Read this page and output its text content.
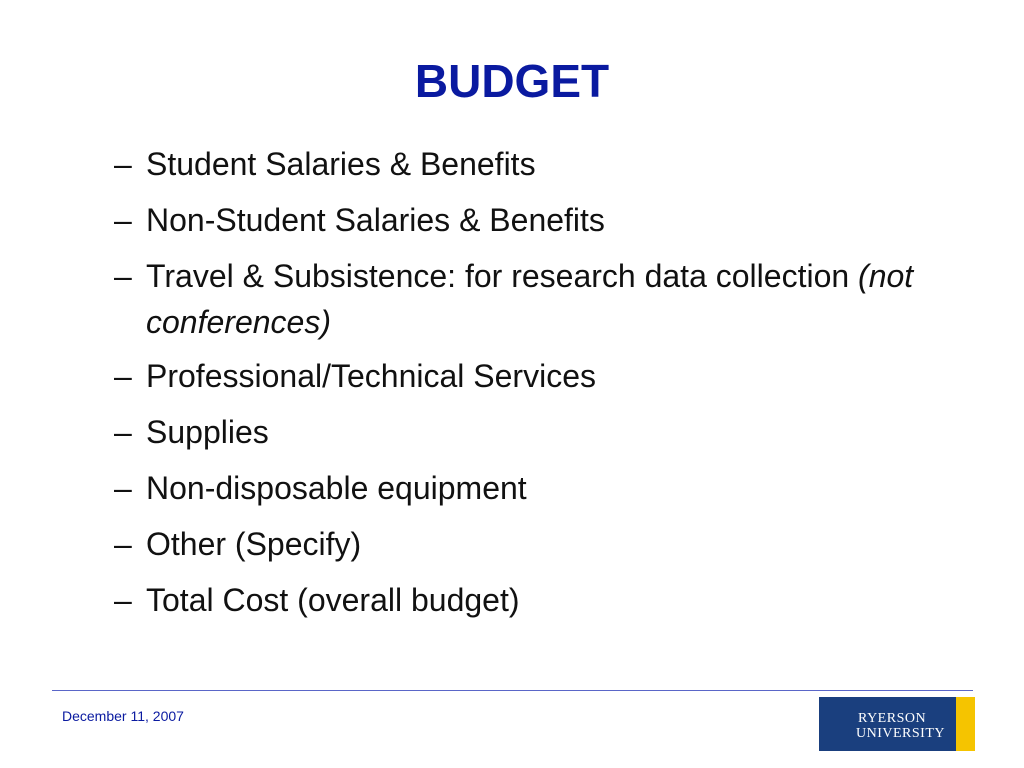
BUDGET
– Student Salaries & Benefits
– Non-Student Salaries & Benefits
– Travel & Subsistence: for research data collection (not conferences)
– Professional/Technical Services
– Supplies
– Non-disposable equipment
– Other (Specify)
– Total Cost (overall budget)
December 11, 2007	RYERSON
UNIVERSITY
